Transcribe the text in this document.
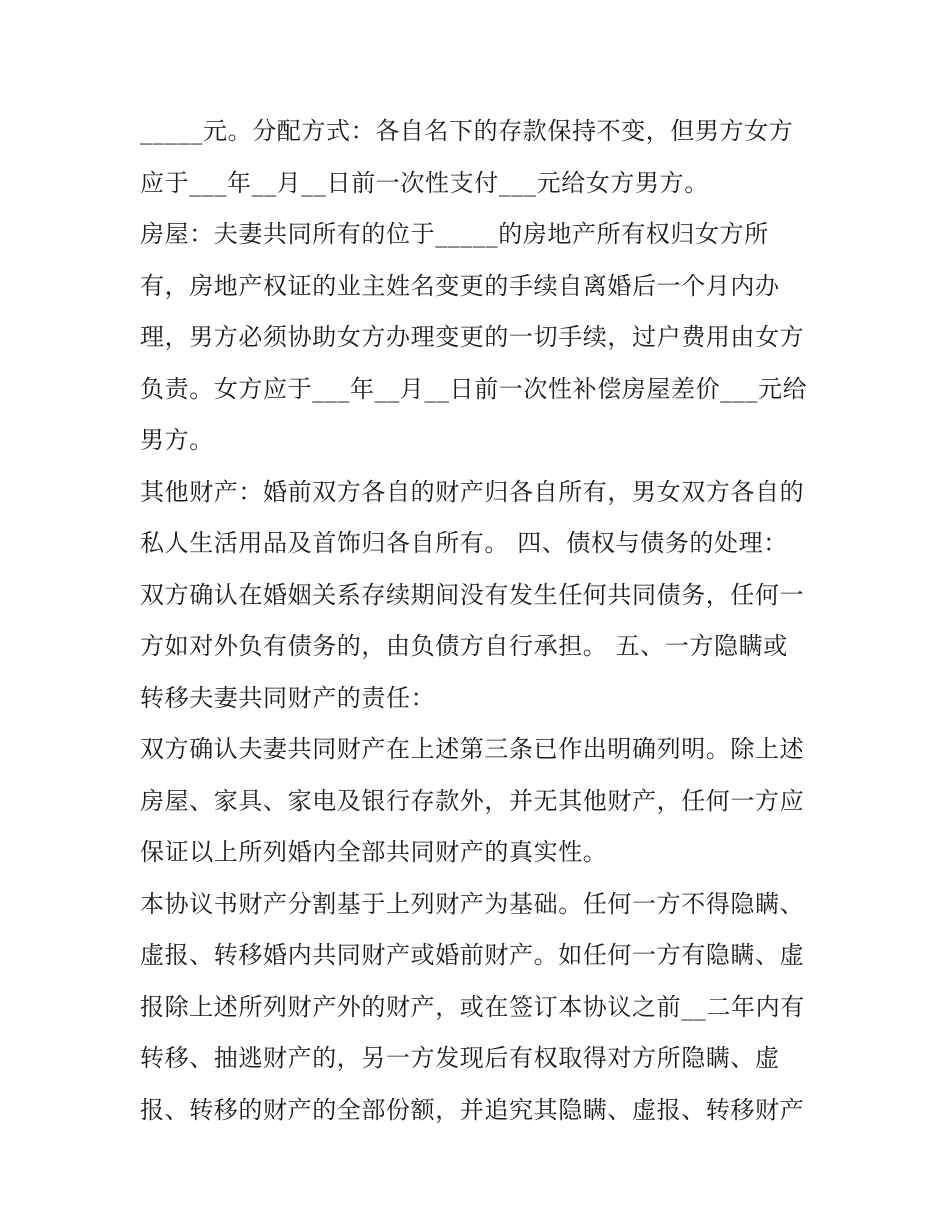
_____元。分配方式：各自名下的存款保持不变，但男方女方
应于___年__月__日前一次性支付___元给女方男方。
房屋：夫妻共同所有的位于_____的房地产所有权归女方所
有，房地产权证的业主姓名变更的手续自离婚后一个月内办
理，男方必须协助女方办理变更的一切手续，过户费用由女方
负责。女方应于___年__月__日前一次性补偿房屋差价___元给
男方。
其他财产：婚前双方各自的财产归各自所有，男女双方各自的
私人生活用品及首饰归各自所有。 四、债权与债务的处理：
双方确认在婚姻关系存续期间没有发生任何共同债务，任何一
方如对外负有债务的，由负债方自行承担。 五、一方隐瞒或
转移夫妻共同财产的责任：
双方确认夫妻共同财产在上述第三条已作出明确列明。除上述
房屋、家具、家电及银行存款外，并无其他财产，任何一方应
保证以上所列婚内全部共同财产的真实性。
本协议书财产分割基于上列财产为基础。任何一方不得隐瞒、
虚报、转移婚内共同财产或婚前财产。如任何一方有隐瞒、虚
报除上述所列财产外的财产，或在签订本协议之前__二年内有
转移、抽逃财产的，另一方发现后有权取得对方所隐瞒、虚
报、转移的财产的全部份额，并追究其隐瞒、虚报、转移财产
